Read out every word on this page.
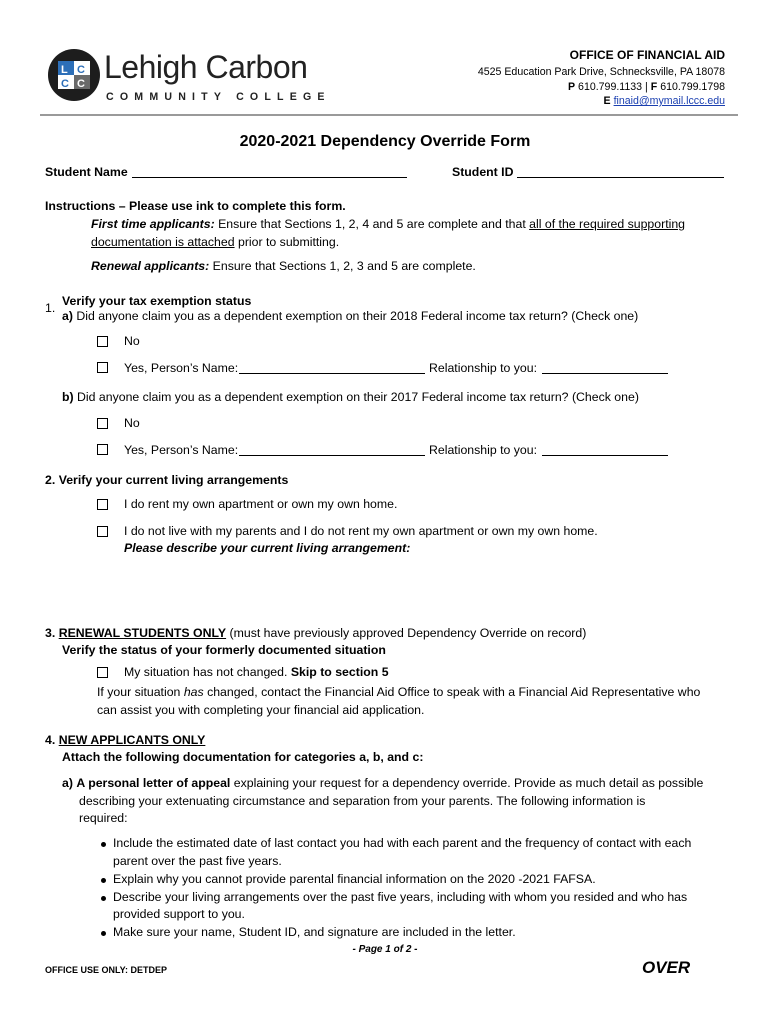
L C
C C Lehigh Carbon
COMMUNITY COLLEGE
OFFICE OF FINANCIAL AID
4525 Education Park Drive, Schnecksville, PA 18078
P 610.799.1133 | F 610.799.1798
E finaid@mymail.lccc.edu
2020-2021 Dependency Override Form
Student Name	Student ID
Instructions – Please use ink to complete this form.
First time applicants: Ensure that Sections 1, 2, 4 and 5 are complete and that all of the required supporting
documentation is attached prior to submitting.
Renewal applicants: Ensure that Sections 1, 2, 3 and 5 are complete.
1. Verify your tax exemption status
a) Did anyone claim you as a dependent exemption on their 2018 Federal income tax return? (Check one)
No
Yes, Person’s Name:	Relationship to you:
b) Did anyone claim you as a dependent exemption on their 2017 Federal income tax return? (Check one)
No
Yes, Person’s Name:	Relationship to you:
2. Verify your current living arrangements
I do rent my own apartment or own my own home.
I do not live with my parents and I do not rent my own apartment or own my own home.
Please describe your current living arrangement:
3. RENEWAL STUDENTS ONLY (must have previously approved Dependency Override on record)
Verify the status of your formerly documented situation
My situation has not changed. Skip to section 5
If your situation has changed, contact the Financial Aid Office to speak with a Financial Aid Representative who
can assist you with completing your financial aid application.
4. NEW APPLICANTS ONLY
Attach the following documentation for categories a, b, and c:
a) A personal letter of appeal explaining your request for a dependency override. Provide as much detail as possible
describing your extenuating circumstance and separation from your parents. The following information is
required:
Include the estimated date of last contact you had with each parent and the frequency of contact with each
parent over the past five years.
Explain why you cannot provide parental financial information on the 2020 -2021 FAFSA.
Describe your living arrangements over the past five years, including with whom you resided and who has
provided support to you.
Make sure your name, Student ID, and signature are included in the letter.
- Page 1 of 2 -
OFFICE USE ONLY: DETDEP	OVER
